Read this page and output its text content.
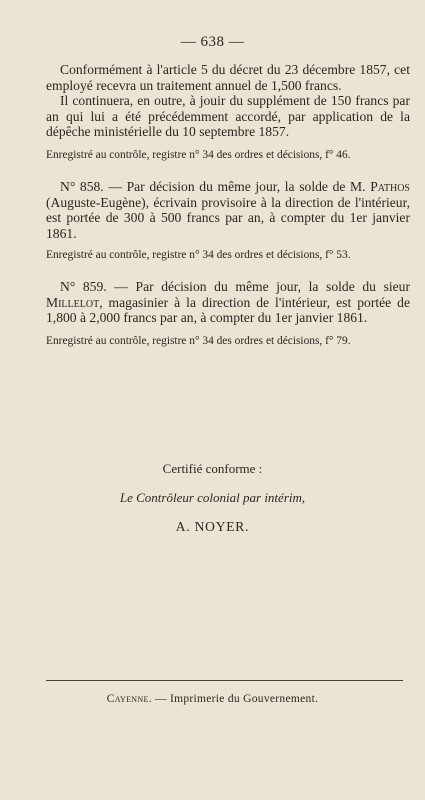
— 638 —
Conformément à l'article 5 du décret du 23 décembre 1857, cet employé recevra un traitement annuel de 1,500 francs.
Il continuera, en outre, à jouir du supplément de 150 francs par an qui lui a été précédemment accordé, par application de la dépêche ministérielle du 10 septembre 1857.
Enregistré au contrôle, registre n° 34 des ordres et décisions, f° 46.
N° 858. — Par décision du même jour, la solde de M. Pathos (Auguste-Eugène), écrivain provisoire à la direction de l'intérieur, est portée de 300 à 500 francs par an, à compter du 1er janvier 1861.
Enregistré au contrôle, registre n° 34 des ordres et décisions, f° 53.
N° 859. — Par décision du même jour, la solde du sieur Millelot, magasinier à la direction de l'intérieur, est portée de 1,800 à 2,000 francs par an, à compter du 1er janvier 1861.
Enregistré au contrôle, registre n° 34 des ordres et décisions, f° 79.
Certifié conforme :
Le Contrôleur colonial par intérim,
A. NOYER.
Cayenne. — Imprimerie du Gouvernement.
